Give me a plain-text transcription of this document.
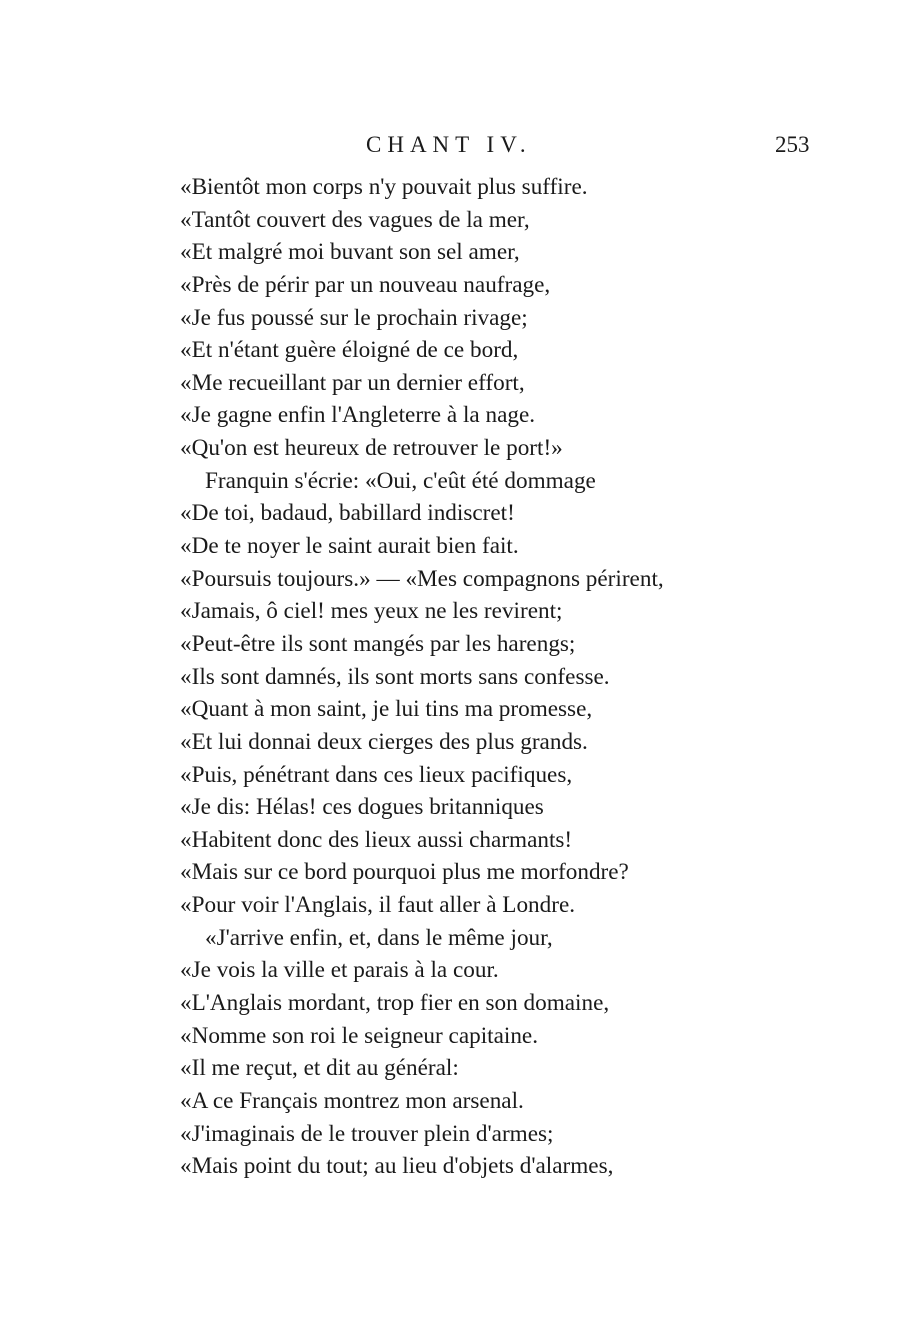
CHANT IV.	253
«Bientôt mon corps n'y pouvait plus suffire.
«Tantôt couvert des vagues de la mer,
«Et malgré moi buvant son sel amer,
«Près de périr par un nouveau naufrage,
«Je fus poussé sur le prochain rivage;
«Et n'étant guère éloigné de ce bord,
«Me recueillant par un dernier effort,
«Je gagne enfin l'Angleterre à la nage.
«Qu'on est heureux de retrouver le port!»
Franquin s'écrie: «Oui, c'eût été dommage
«De toi, badaud, babillard indiscret!
«De te noyer le saint aurait bien fait.
«Poursuis toujours.» — «Mes compagnons périrent,
«Jamais, ô ciel! mes yeux ne les revirent;
«Peut-être ils sont mangés par les harengs;
«Ils sont damnés, ils sont morts sans confesse.
«Quant à mon saint, je lui tins ma promesse,
«Et lui donnai deux cierges des plus grands.
«Puis, pénétrant dans ces lieux pacifiques,
«Je dis: Hélas! ces dogues britanniques
«Habitent donc des lieux aussi charmants!
«Mais sur ce bord pourquoi plus me morfondre?
«Pour voir l'Anglais, il faut aller à Londre.
«J'arrive enfin, et, dans le même jour,
«Je vois la ville et parais à la cour.
«L'Anglais mordant, trop fier en son domaine,
«Nomme son roi le seigneur capitaine.
«Il me reçut, et dit au général:
«A ce Français montrez mon arsenal.
«J'imaginais de le trouver plein d'armes;
«Mais point du tout; au lieu d'objets d'alarmes,
